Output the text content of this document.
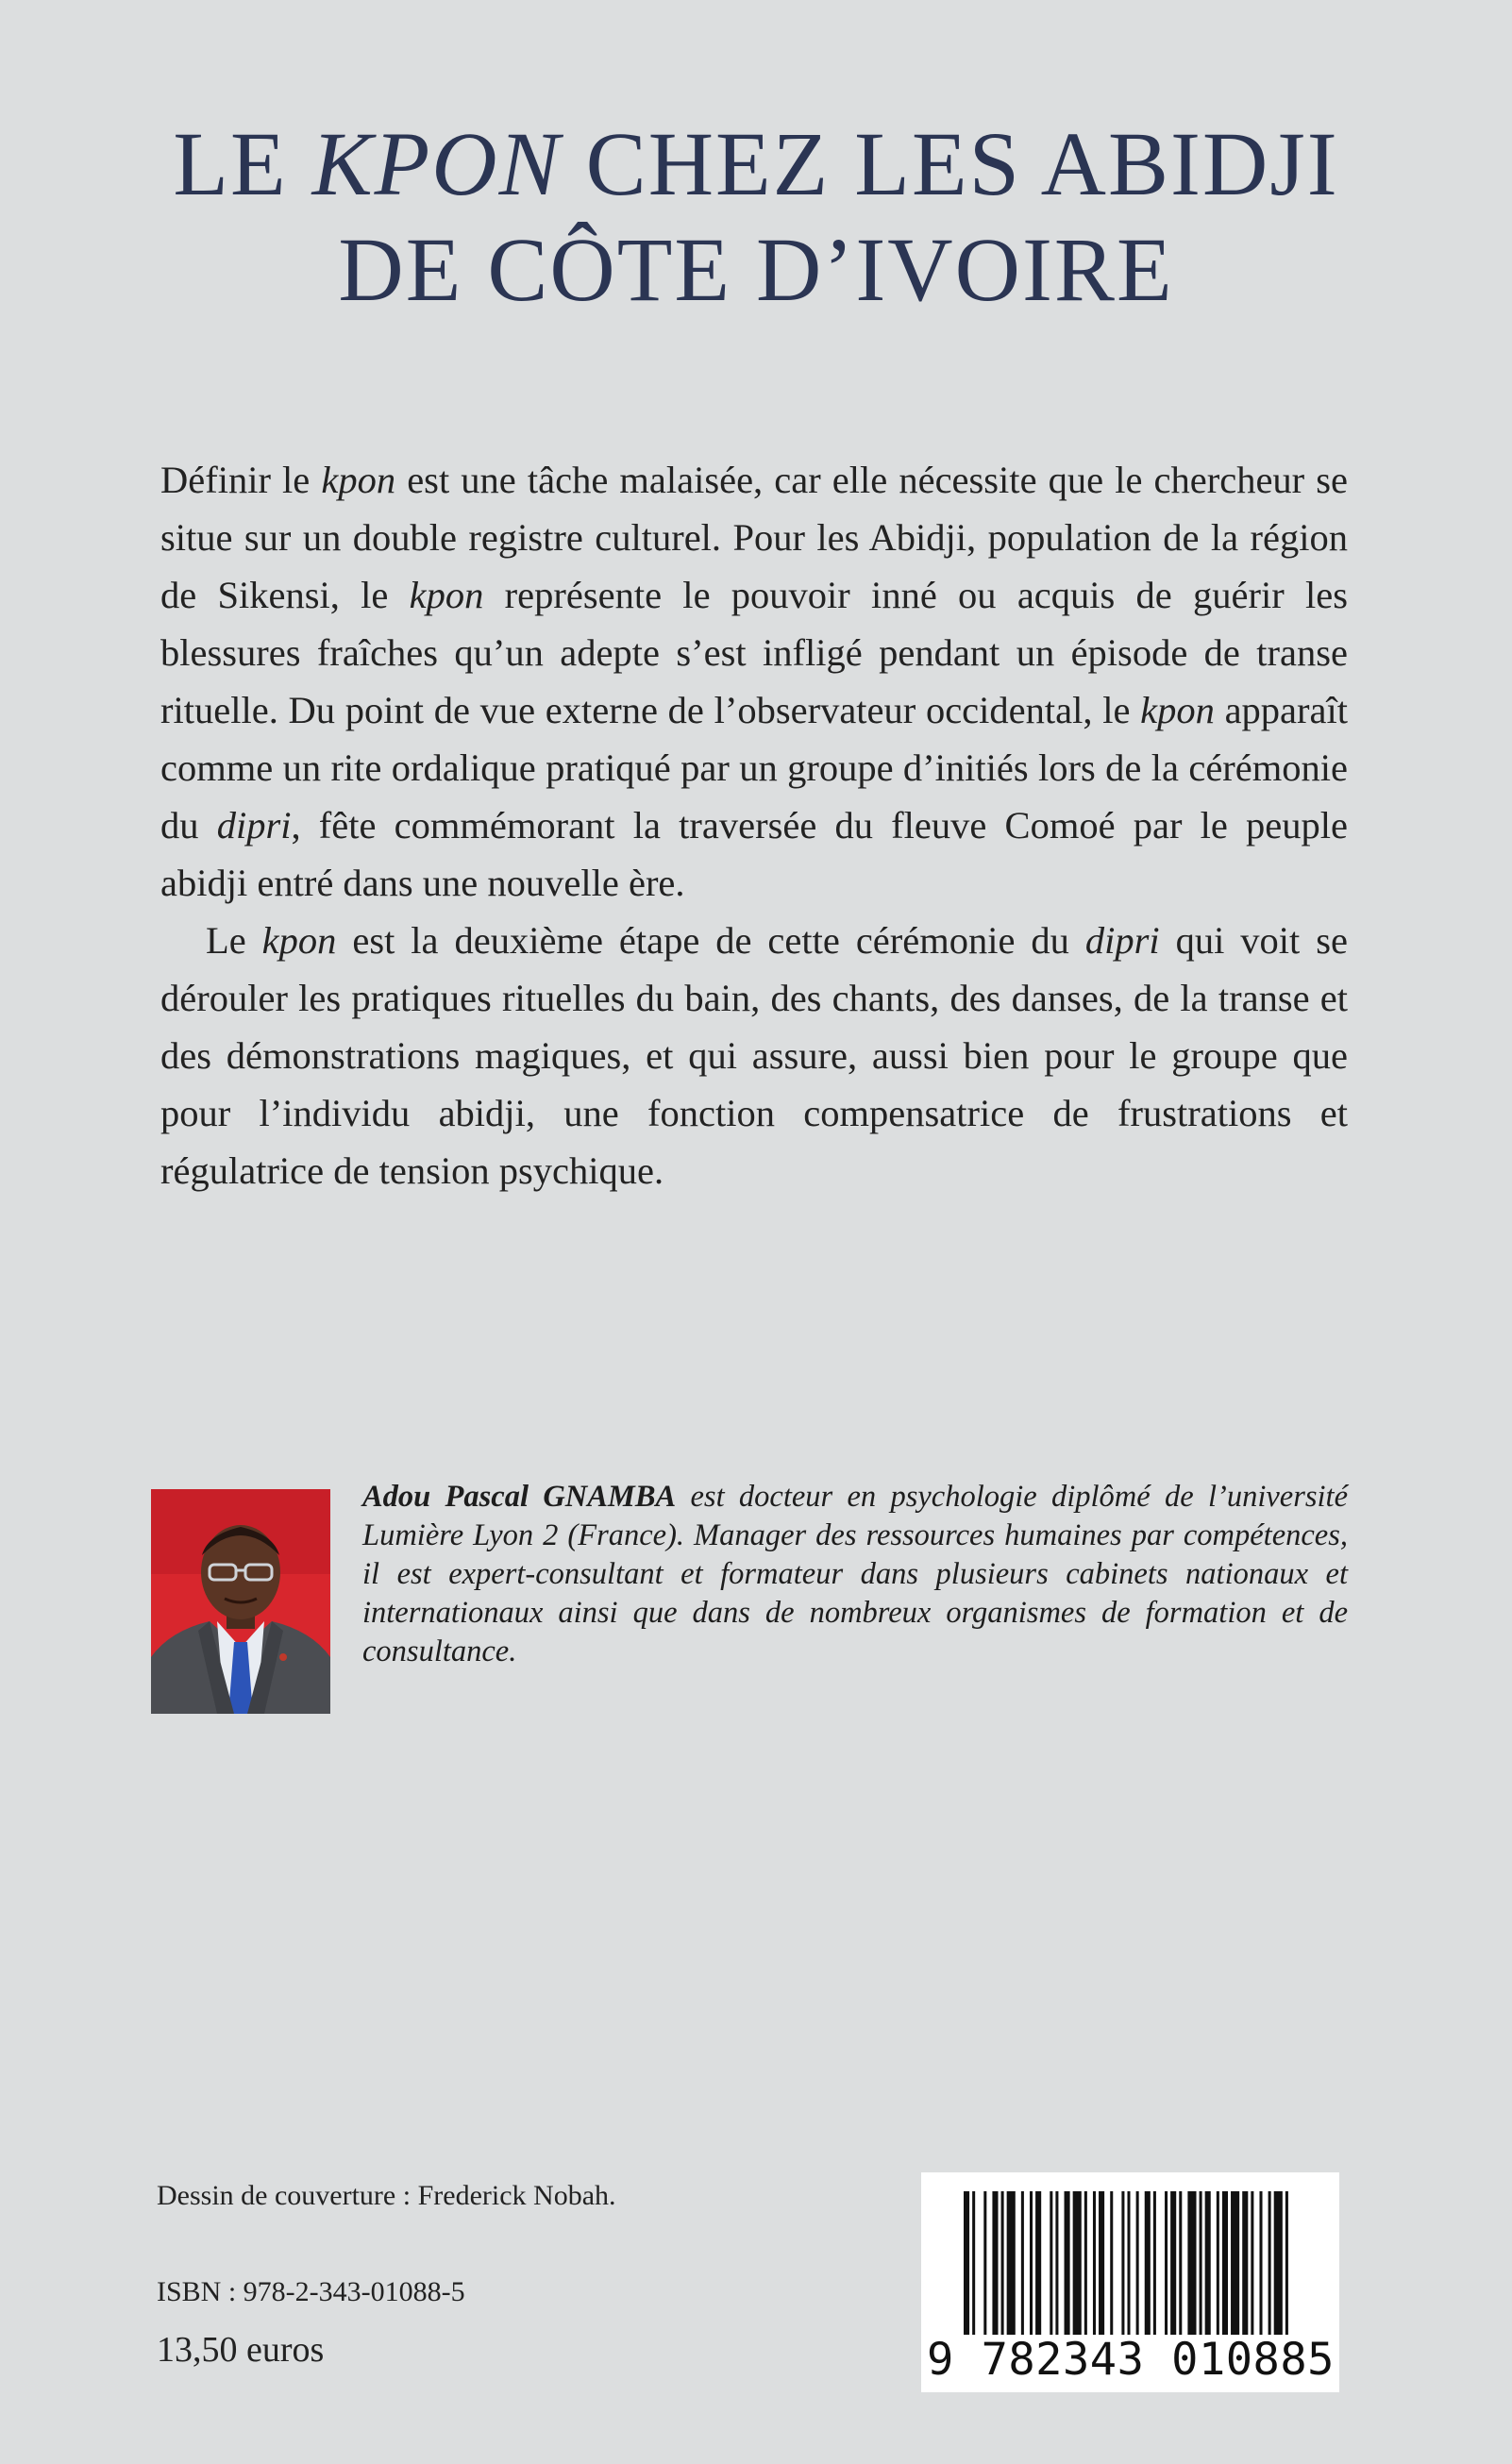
LE KPON CHEZ LES ABIDJI
DE CÔTE D’IVOIRE

Définir le kpon est une tâche malaisée, car elle nécessite que le chercheur se situe sur un double registre culturel. Pour les Abidji, population de la région de Sikensi, le kpon représente le pouvoir inné ou acquis de guérir les blessures fraîches qu’un adepte s’est infligé pendant un épisode de transe rituelle. Du point de vue externe de l’observateur occidental, le kpon apparaît comme un rite ordalique pratiqué par un groupe d’initiés lors de la cérémonie du dipri, fête commémorant la traversée du fleuve Comoé par le peuple abidji entré dans une nouvelle ère.

Le kpon est la deuxième étape de cette cérémonie du dipri qui voit se dérouler les pratiques rituelles du bain, des chants, des danses, de la transe et des démonstrations magiques, et qui assure, aussi bien pour le groupe que pour l’individu abidji, une fonction compensatrice de frustrations et régulatrice de tension psychique.

Adou Pascal GNAMBA est docteur en psychologie diplômé de l’université Lumière Lyon 2 (France). Manager des ressources humaines par compétences, il est expert-consultant et formateur dans plusieurs cabinets nationaux et internationaux ainsi que dans de nombreux organismes de formation et de consultance.
Dessin de couverture : Frederick Nobah.
ISBN : 978-2-343-01088-5
13,50 euros	9 782343 010885
